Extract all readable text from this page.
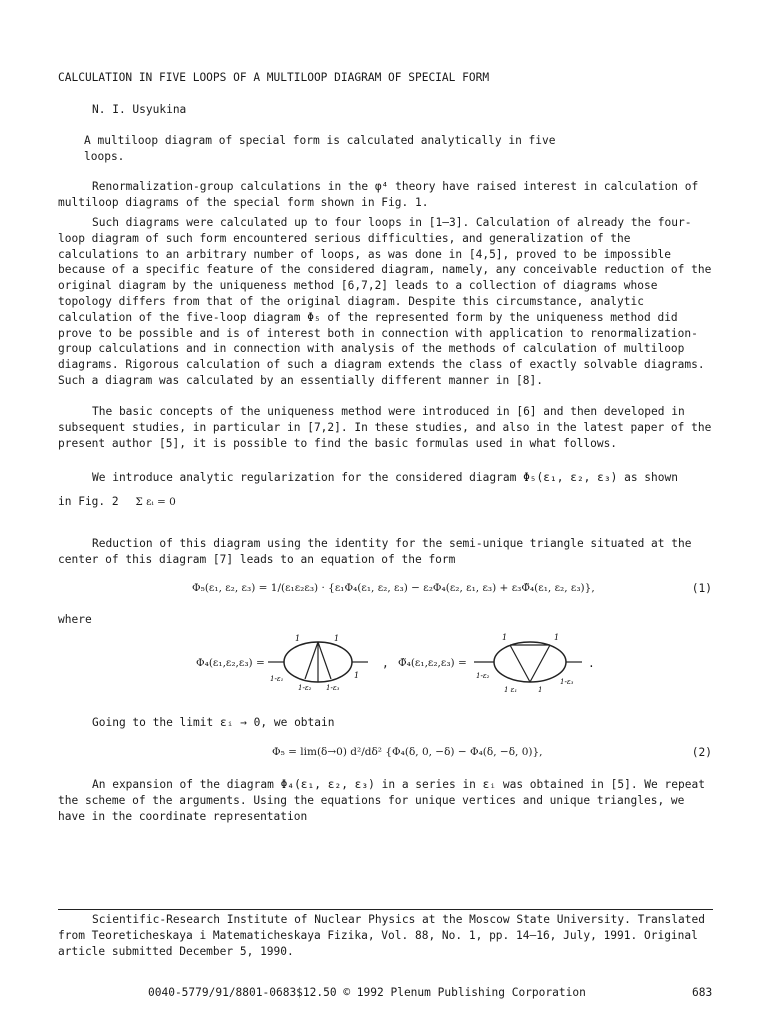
CALCULATION IN FIVE LOOPS OF A MULTILOOP DIAGRAM OF SPECIAL FORM
N. I. Usyukina
A multiloop diagram of special form is calculated analytically in five loops.

Renormalization-group calculations in the φ⁴ theory have raised interest in calculation of multiloop diagrams of the special form shown in Fig. 1.

Such diagrams were calculated up to four loops in [1–3]. Calculation of already the four-loop diagram of such form encountered serious difficulties, and generalization of the calculations to an arbitrary number of loops, as was done in [4,5], proved to be impossible because of a specific feature of the considered diagram, namely, any conceivable reduction of the original diagram by the uniqueness method [6,7,2] leads to a collection of diagrams whose topology differs from that of the original diagram. Despite this circumstance, analytic calculation of the five-loop diagram Φ₅ of the represented form by the uniqueness method did prove to be possible and is of interest both in connection with application to renormalization-group calculations and in connection with analysis of the methods of calculation of multiloop diagrams. Rigorous calculation of such a diagram extends the class of exactly solvable diagrams. Such a diagram was calculated by an essentially different manner in [8].

The basic concepts of the uniqueness method were introduced in [6] and then developed in subsequent studies, in particular in [7,2]. In these studies, and also in the latest paper of the present author [5], it is possible to find the basic formulas used in what follows.

We introduce analytic regularization for the considered diagram Φ₅(ε₁, ε₂, ε₃) as shown
in Fig. 2 Σ εᵢ = 0

Reduction of this diagram using the identity for the semi-unique triangle situated at the center of this diagram [7] leads to an equation of the form

Φ₅(ε₁, ε₂, ε₃) = 1/(ε₁ε₂ε₃) · {ε₁Φ₄(ε₁, ε₂, ε₃) − ε₂Φ₄(ε₂, ε₁, ε₃) + ε₃Φ̃₄(ε₁, ε₂, ε₃)},	(1)
where
Φ₄(ε₁,ε₂,ε₃) =
1	1
1-ε₁
1-ε₂ 1-ε₃
1
, Φ̃₄(ε₁,ε₂,ε₃) =
1	1
1-ε₂
1 ε₁	1
1-ε₃
.
Going to the limit εᵢ → 0, we obtain
Φ₅ = lim(δ→0) d²/dδ² {Φ₄(δ, 0, −δ) − Φ₄(δ, −δ, 0)},	(2)

An expansion of the diagram Φ₄(ε₁, ε₂, ε₃) in a series in εᵢ was obtained in [5]. We repeat the scheme of the arguments. Using the equations for unique vertices and unique triangles, we have in the coordinate representation

Scientific-Research Institute of Nuclear Physics at the Moscow State University. Translated from Teoreticheskaya i Matematicheskaya Fizika, Vol. 88, No. 1, pp. 14–16, July, 1991. Original article submitted December 5, 1990.

0040-5779/91/8801-0683$12.50 © 1992 Plenum Publishing Corporation	683
